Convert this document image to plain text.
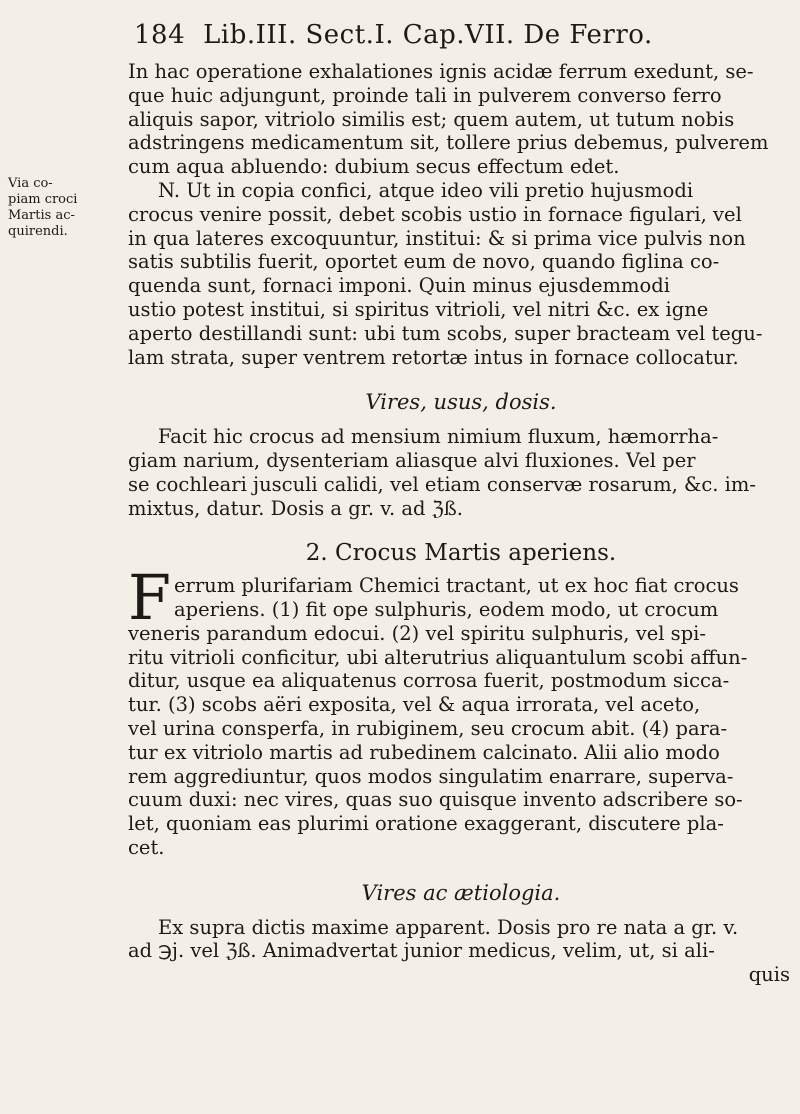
184 Lib.III. Sect.I. Cap.VII. De Ferro.
Via co-
piam croci
Martis ac-
quirendi.

In hac operatione exhalationes ignis acidæ ferrum exedunt, se-
que huic adjungunt, proinde tali in pulverem converso ferro
aliquis sapor, vitriolo similis est; quem autem, ut tutum nobis
adstringens medicamentum sit, tollere prius debemus, pulverem
cum aqua abluendo: dubium secus effectum edet.

N. Ut in copia confici, atque ideo vili pretio hujusmodi
crocus venire possit, debet scobis ustio in fornace figulari, vel
in qua lateres excoquuntur, institui: & si prima vice pulvis non
satis subtilis fuerit, oportet eum de novo, quando figlina co-
quenda sunt, fornaci imponi. Quin minus ejusdemmodi
ustio potest institui, si spiritus vitrioli, vel nitri &c. ex igne
aperto destillandi sunt: ubi tum scobs, super bracteam vel tegu-
lam strata, super ventrem retortæ intus in fornace collocatur.

Vires, usus, dosis.

Facit hic crocus ad mensium nimium fluxum, hæmorrha-
giam narium, dysenteriam aliasque alvi fluxiones. Vel per
se cochleari jusculi calidi, vel etiam conservæ rosarum, &c. im-
mixtus, datur. Dosis a gr. v. ad ℨß.

2. Crocus Martis aperiens.
F errum plurifariam Chemici tractant, ut ex hoc fiat crocus
aperiens. (1) fit ope sulphuris, eodem modo, ut crocum
veneris parandum edocui. (2) vel spiritu sulphuris, vel spi-
ritu vitrioli conficitur, ubi alterutrius aliquantulum scobi affun-
ditur, usque ea aliquatenus corrosa fuerit, postmodum sicca-
tur. (3) scobs aëri exposita, vel & aqua irrorata, vel aceto,
vel urina consperfa, in rubiginem, seu crocum abit. (4) para-
tur ex vitriolo martis ad rubedinem calcinato. Alii alio modo
rem aggrediuntur, quos modos singulatim enarrare, superva-
cuum duxi: nec vires, quas suo quisque invento adscribere so-
let, quoniam eas plurimi oratione exaggerant, discutere pla-
cet.
Vires ac ætiologia.

Ex supra dictis maxime apparent. Dosis pro re nata a gr. v.
ad ℈j. vel ℨß. Animadvertat junior medicus, velim, ut, si ali-

quis
